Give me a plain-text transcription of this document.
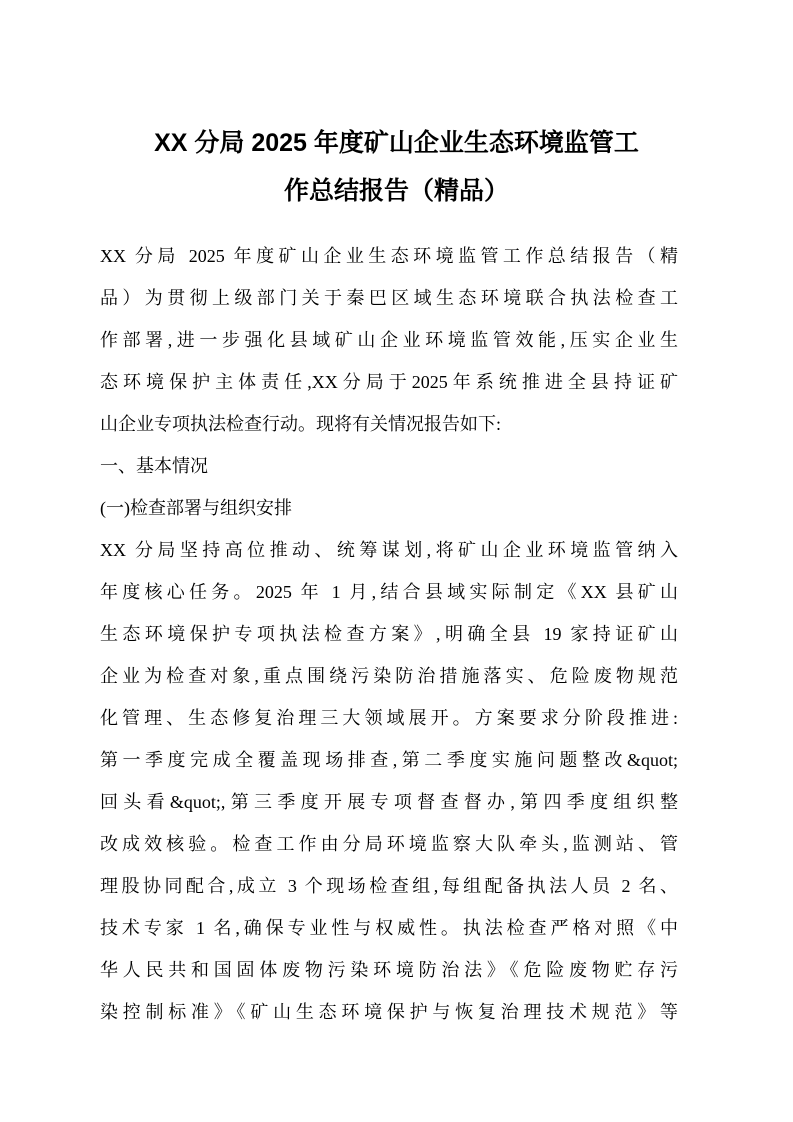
XX 分局 2025 年度矿山企业生态环境监管工
作总结报告（精品）
XX 分局 2025 年度矿山企业生态环境监管工作总结报告（精
品）为贯彻上级部门关于秦巴区域生态环境联合执法检查工
作部署,进一步强化县域矿山企业环境监管效能,压实企业生
态环境保护主体责任,XX分局于2025年系统推进全县持证矿
山企业专项执法检查行动。现将有关情况报告如下:
一、基本情况
(一)检查部署与组织安排
XX 分局坚持高位推动、统筹谋划,将矿山企业环境监管纳入
年度核心任务。2025 年 1 月,结合县域实际制定《XX 县矿山
生态环境保护专项执法检查方案》,明确全县 19 家持证矿山
企业为检查对象,重点围绕污染防治措施落实、危险废物规范
化管理、生态修复治理三大领域展开。方案要求分阶段推进:
第一季度完成全覆盖现场排查,第二季度实施问题整改&quot;
回头看&quot;,第三季度开展专项督查督办,第四季度组织整
改成效核验。检查工作由分局环境监察大队牵头,监测站、管
理股协同配合,成立 3 个现场检查组,每组配备执法人员 2 名、
技术专家 1 名,确保专业性与权威性。执法检查严格对照《中
华人民共和国固体废物污染环境防治法》《危险废物贮存污
染控制标准》《矿山生态环境保护与恢复治理技术规范》等
